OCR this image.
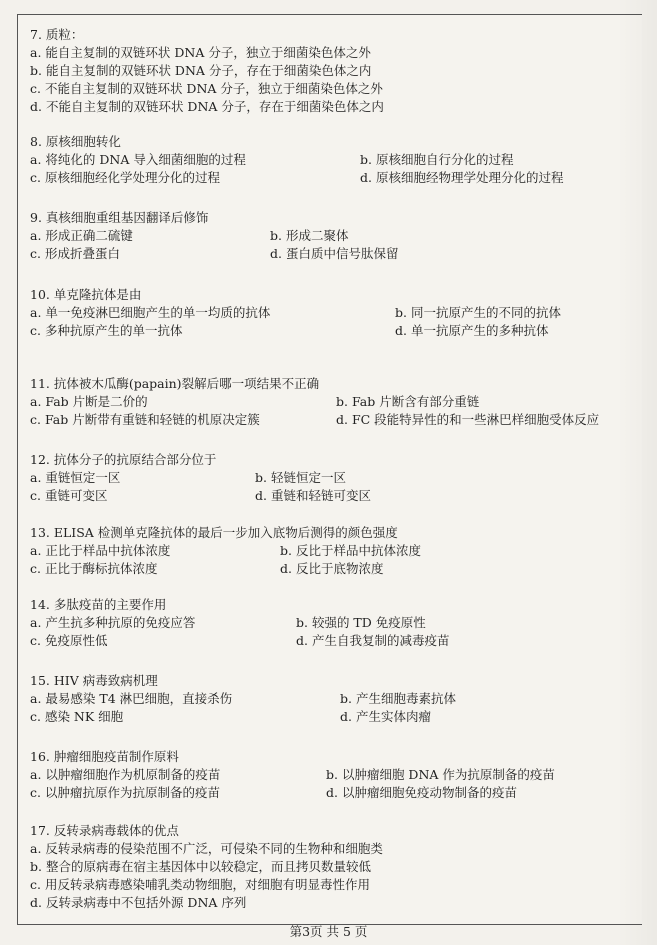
7. 质粒：
a. 能自主复制的双链环状 DNA 分子，独立于细菌染色体之外
b. 能自主复制的双链环状 DNA 分子，存在于细菌染色体之内
c. 不能自主复制的双链环状 DNA 分子，独立于细菌染色体之外
d. 不能自主复制的双链环状 DNA 分子，存在于细菌染色体之内
8. 原核细胞转化
a. 将纯化的 DNA 导入细菌细胞的过程	b. 原核细胞自行分化的过程
c. 原核细胞经化学处理分化的过程	d. 原核细胞经物理学处理分化的过程
9. 真核细胞重组基因翻译后修饰
a. 形成正确二硫键	b. 形成二聚体
c. 形成折叠蛋白	d. 蛋白质中信号肽保留
10. 单克隆抗体是由
a. 单一免疫淋巴细胞产生的单一均质的抗体	b. 同一抗原产生的不同的抗体
c. 多种抗原产生的单一抗体	d. 单一抗原产生的多种抗体
11. 抗体被木瓜酶(papain)裂解后哪一项结果不正确
a. Fab 片断是二价的	b. Fab 片断含有部分重链
c. Fab 片断带有重链和轻链的机原决定簇	d. FC 段能特异性的和一些淋巴样细胞受体反应
12. 抗体分子的抗原结合部分位于
a. 重链恒定一区	b. 轻链恒定一区
c. 重链可变区	d. 重链和轻链可变区
13. ELISA 检测单克隆抗体的最后一步加入底物后测得的颜色强度
a. 正比于样品中抗体浓度	b. 反比于样品中抗体浓度
c. 正比于酶标抗体浓度	d. 反比于底物浓度
14. 多肽疫苗的主要作用
a. 产生抗多种抗原的免疫应答	b. 较强的 TD 免疫原性
c. 免疫原性低	d. 产生自我复制的减毒疫苗
15. HIV 病毒致病机理
a. 最易感染 T4 淋巴细胞，直接杀伤	b. 产生细胞毒素抗体
c. 感染 NK 细胞	d. 产生实体肉瘤
16. 肿瘤细胞疫苗制作原料
a. 以肿瘤细胞作为机原制备的疫苗	b. 以肿瘤细胞 DNA 作为抗原制备的疫苗
c. 以肿瘤抗原作为抗原制备的疫苗	d. 以肿瘤细胞免疫动物制备的疫苗
17. 反转录病毒载体的优点
a. 反转录病毒的侵染范围不广泛，可侵染不同的生物种和细胞类
b. 整合的原病毒在宿主基因体中以较稳定，而且拷贝数量较低
c. 用反转录病毒感染哺乳类动物细胞，对细胞有明显毒性作用
d. 反转录病毒中不包括外源 DNA 序列
第3页 共 5 页
